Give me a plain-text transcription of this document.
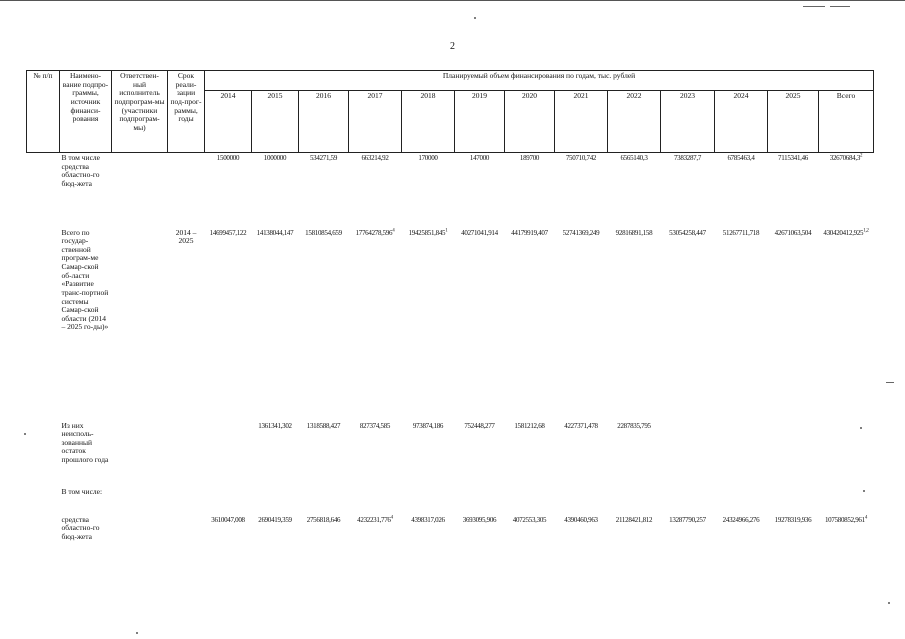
2
№ п/п	Наимено-вание подпро-граммы, источник финанси-рования	Ответствен-ный исполнитель подпрограм-мы (участники подпрограм-мы)	Срок реали-зации под-прог-раммы, годы	Планируемый объем финансирования по годам, тыс. рублей												
				2014	2015	2016	2017	2018	2019	2020	2021	2022	2023	2024	2025	Всего
	В том числе средства областно-го бюд-жета			1500000	1000000	534271,59	663214,92	170000	147000	189700	750710,742	6565140,3	7383287,7	6785463,4	7115341,46	32670684,3$^2$
	Всего по государ-ственной програм-ме Самар-ской об-ласти «Развитие транс-портной системы Самар-ской области (2014 – 2025 го-ды)»		2014 – 2025	14699457,122	14138044,147	15810854,659	17764278,596$^4$	19425851,845$^1$	40271041,914	44179919,407	52741369,249	92816891,158	53054258,447	51267711,718	42671063,504	430420412,925$^{1,2}$
	Из них неисполь-зованный остаток прошлого года				1361341,302	1318588,427	827374,585	973874,186	752448,277	1581212,68	4227371,478	2287835,795				
	В том числе:															
	средства областно-го бюд-жета			3610047,008	2690419,359	2756818,646	4232231,776$^4$	4398317,026	3693095,906	4072553,305	4390460,963	21128421,812	13287790,257	24324966,276	19278319,936	107580852,961$^4$
